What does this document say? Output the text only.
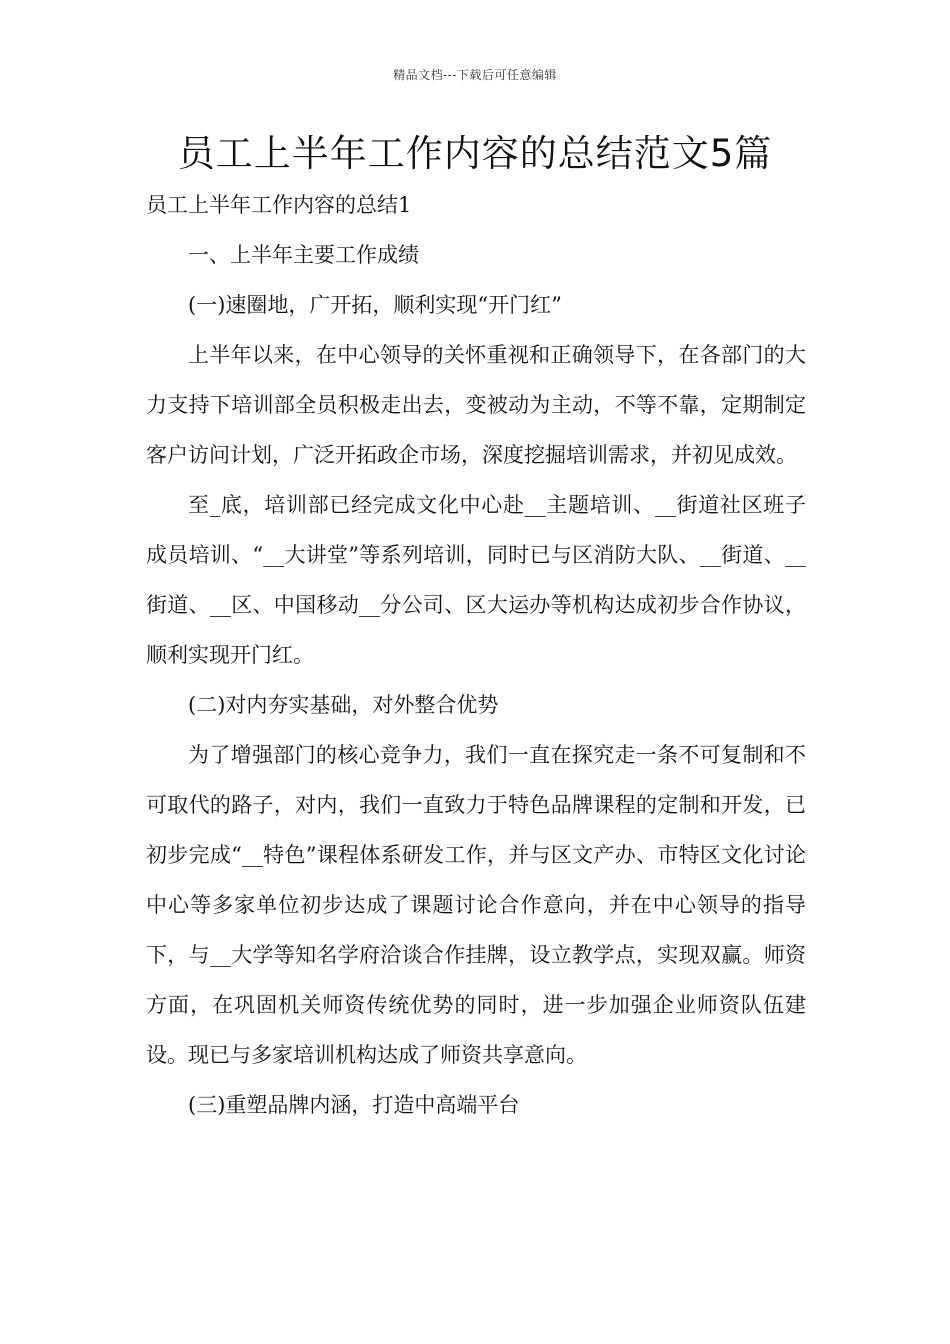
精品文档---下载后可任意编辑
员工上半年工作内容的总结范文5篇

员工上半年工作内容的总结1

一、上半年主要工作成绩

(一)速圈地，广开拓，顺利实现“开门红”

上半年以来，在中心领导的关怀重视和正确领导下，在各部门的大力支持下培训部全员积极走出去，变被动为主动，不等不靠，定期制定客户访问计划，广泛开拓政企市场，深度挖掘培训需求，并初见成效。

至_底，培训部已经完成文化中心赴__主题培训、__街道社区班子成员培训、“__大讲堂”等系列培训，同时已与区消防大队、__街道、__街道、__区、中国移动__分公司、区大运办等机构达成初步合作协议，顺利实现开门红。

(二)对内夯实基础，对外整合优势

为了增强部门的核心竞争力，我们一直在探究走一条不可复制和不可取代的路子，对内，我们一直致力于特色品牌课程的定制和开发，已初步完成“__特色”课程体系研发工作，并与区文产办、市特区文化讨论中心等多家单位初步达成了课题讨论合作意向，并在中心领导的指导下，与__大学等知名学府洽谈合作挂牌，设立教学点，实现双赢。师资方面，在巩固机关师资传统优势的同时，进一步加强企业师资队伍建设。现已与多家培训机构达成了师资共享意向。

(三)重塑品牌内涵，打造中高端平台
